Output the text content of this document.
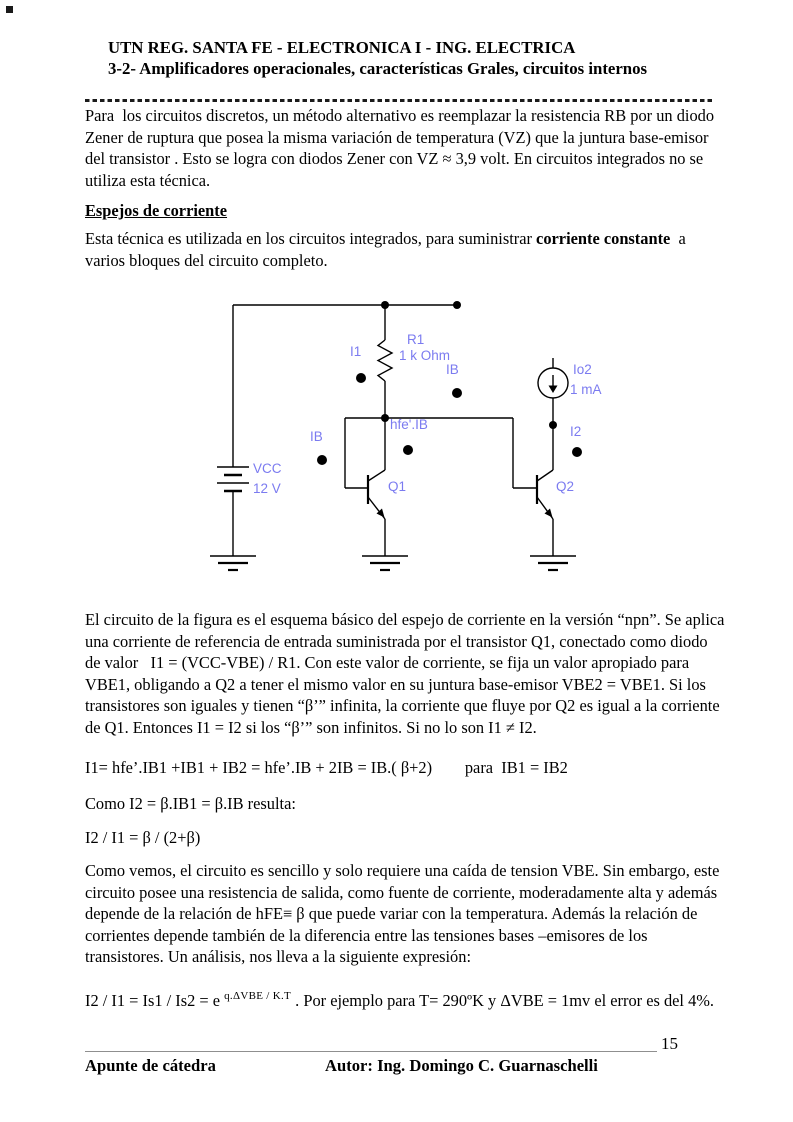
UTN REG. SANTA FE - ELECTRONICA I - ING. ELECTRICA
3-2- Amplificadores operacionales, características Grales, circuitos internos
Para  los circuitos discretos, un método alternativo es reemplazar la resistencia RB por un diodo Zener de ruptura que posea la misma variación de temperatura (VZ) que la juntura base-emisor del transistor . Esto se logra con diodos Zener con VZ ≈ 3,9 volt. En circuitos integrados no se utiliza esta técnica.
Espejos de corriente
Esta técnica es utilizada en los circuitos integrados, para suministrar corriente constante  a varios bloques del circuito completo.
I1
R1
1 k Ohm
IB	Io2
1 mA
hfe'.IB	I2
IB
VCC
12 V	Q1	Q2
El circuito de la figura es el esquema básico del espejo de corriente en la versión “npn”. Se aplica una corriente de referencia de entrada suministrada por el transistor Q1, conectado como diodo de valor   I1 = (VCC-VBE) / R1. Con este valor de corriente, se fija un valor apropiado para VBE1, obligando a Q2 a tener el mismo valor en su juntura base-emisor VBE2 = VBE1. Si los transistores son iguales y tienen “β’” infinita, la corriente que fluye por Q2 es igual a la corriente de Q1. Entonces I1 = I2 si los “β’” son infinitos. Si no lo son I1 ≠ I2.
I1= hfe’.IB1 +IB1 + IB2 = hfe’.IB + 2IB = IB.( β+2)        para  IB1 = IB2
Como I2 = β.IB1 = β.IB resulta:
I2 / I1 = β / (2+β)
Como vemos, el circuito es sencillo y solo requiere una caída de tension VBE. Sin embargo, este circuito posee una resistencia de salida, como fuente de corriente, moderadamente alta y además depende de la relación de hFE≡ β que puede variar con la temperatura. Además la relación de corrientes depende también de la diferencia entre las tensiones bases –emisores de los transistores. Un análisis, nos lleva a la siguiente expresión:
I2 / I1 = Is1 / Is2 = e $^{q.\Delta VBE / K.T}$ . Por ejemplo para T= 290ºK y ΔVBE = 1mv el error es del 4%.
15
Apunte de cátedra	Autor: Ing. Domingo C. Guarnaschelli
